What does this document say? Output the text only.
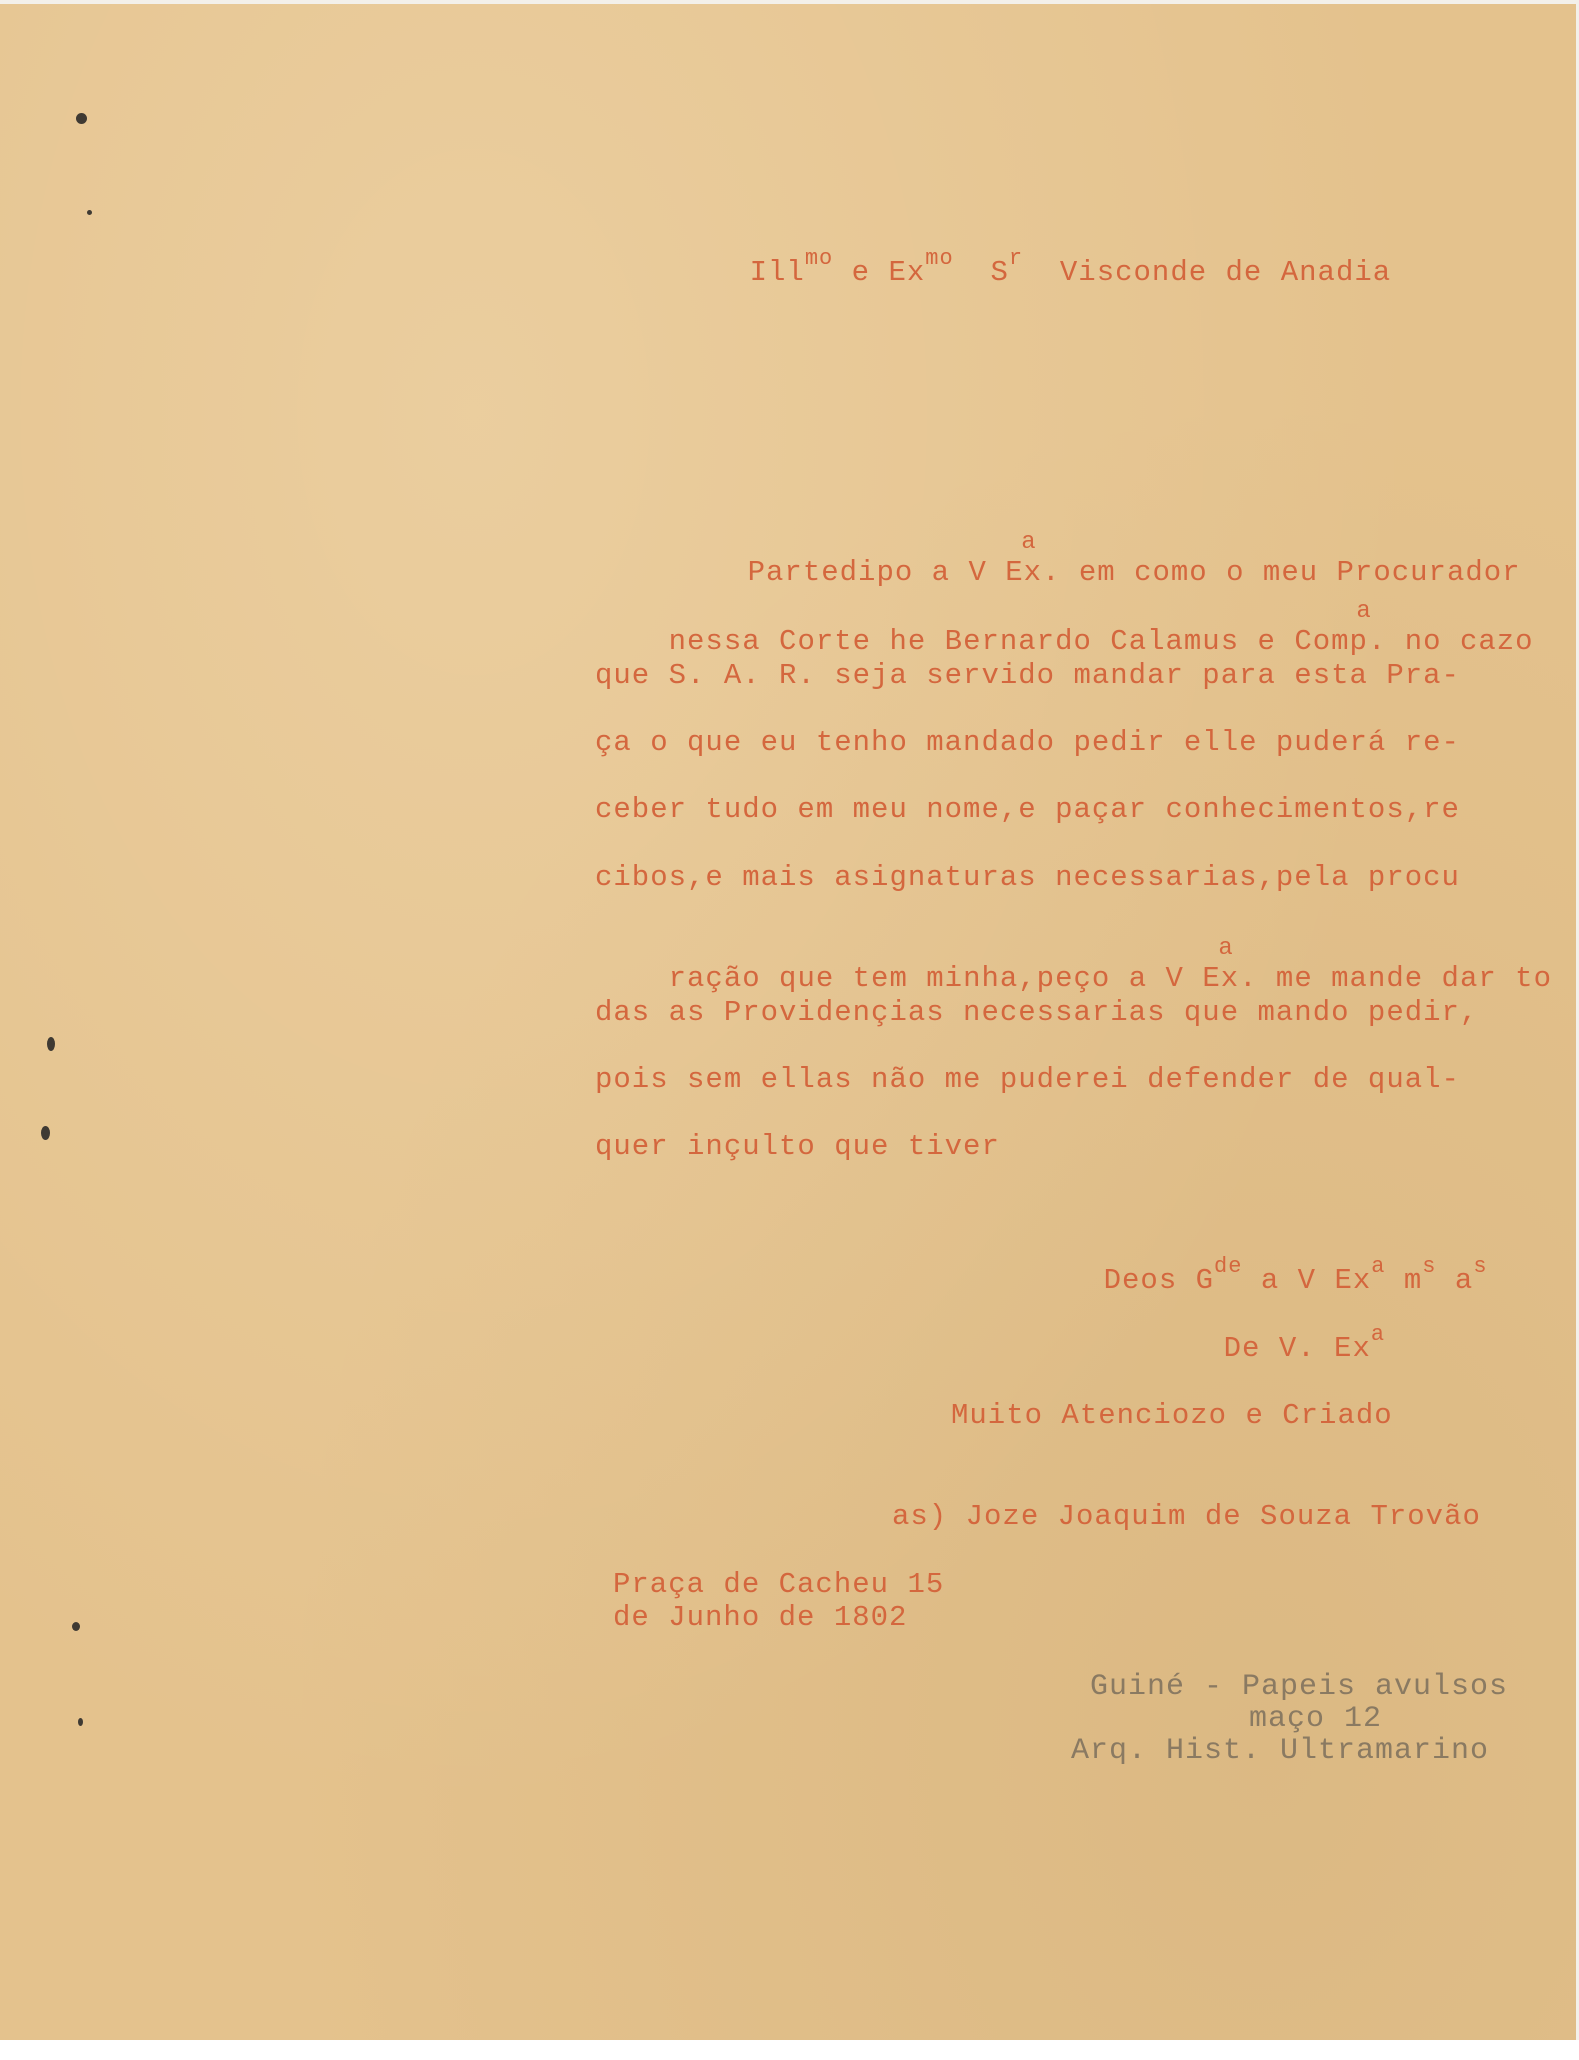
Ill$^{mo}$ e $Ex^{mo}$  $S^r$  Visconde de Anadia

Partedipo a V Ex.
a
em como o meu Procurador

nessa Corte he Bernardo Calamus e Comp.
a
no cazo

que S. A. R. seja servido mandar para esta Pra-
ça o que eu tenho mandado pedir elle puderá re-
ceber tudo em meu nome,e paçar conhecimentos,re
cibos,e mais asignaturas necessarias,pela procu

ração que tem minha,peço a V Ex.
a
me mande dar to

das as Providençias necessarias que mando pedir,
pois sem ellas não me puderei defender de qual-
quer inçulto que tiver

Deos $G^{de}$ a V Ex$^a$ $m^s$ $a^s$

De V. Ex$^a$

Muito Atenciozo e Criado
as) Joze Joaquim de Souza Trovão
Praça de Cacheu 15
de Junho de 1802
Guiné - Papeis avulsos
maço 12
Arq. Hist. Ultramarino
